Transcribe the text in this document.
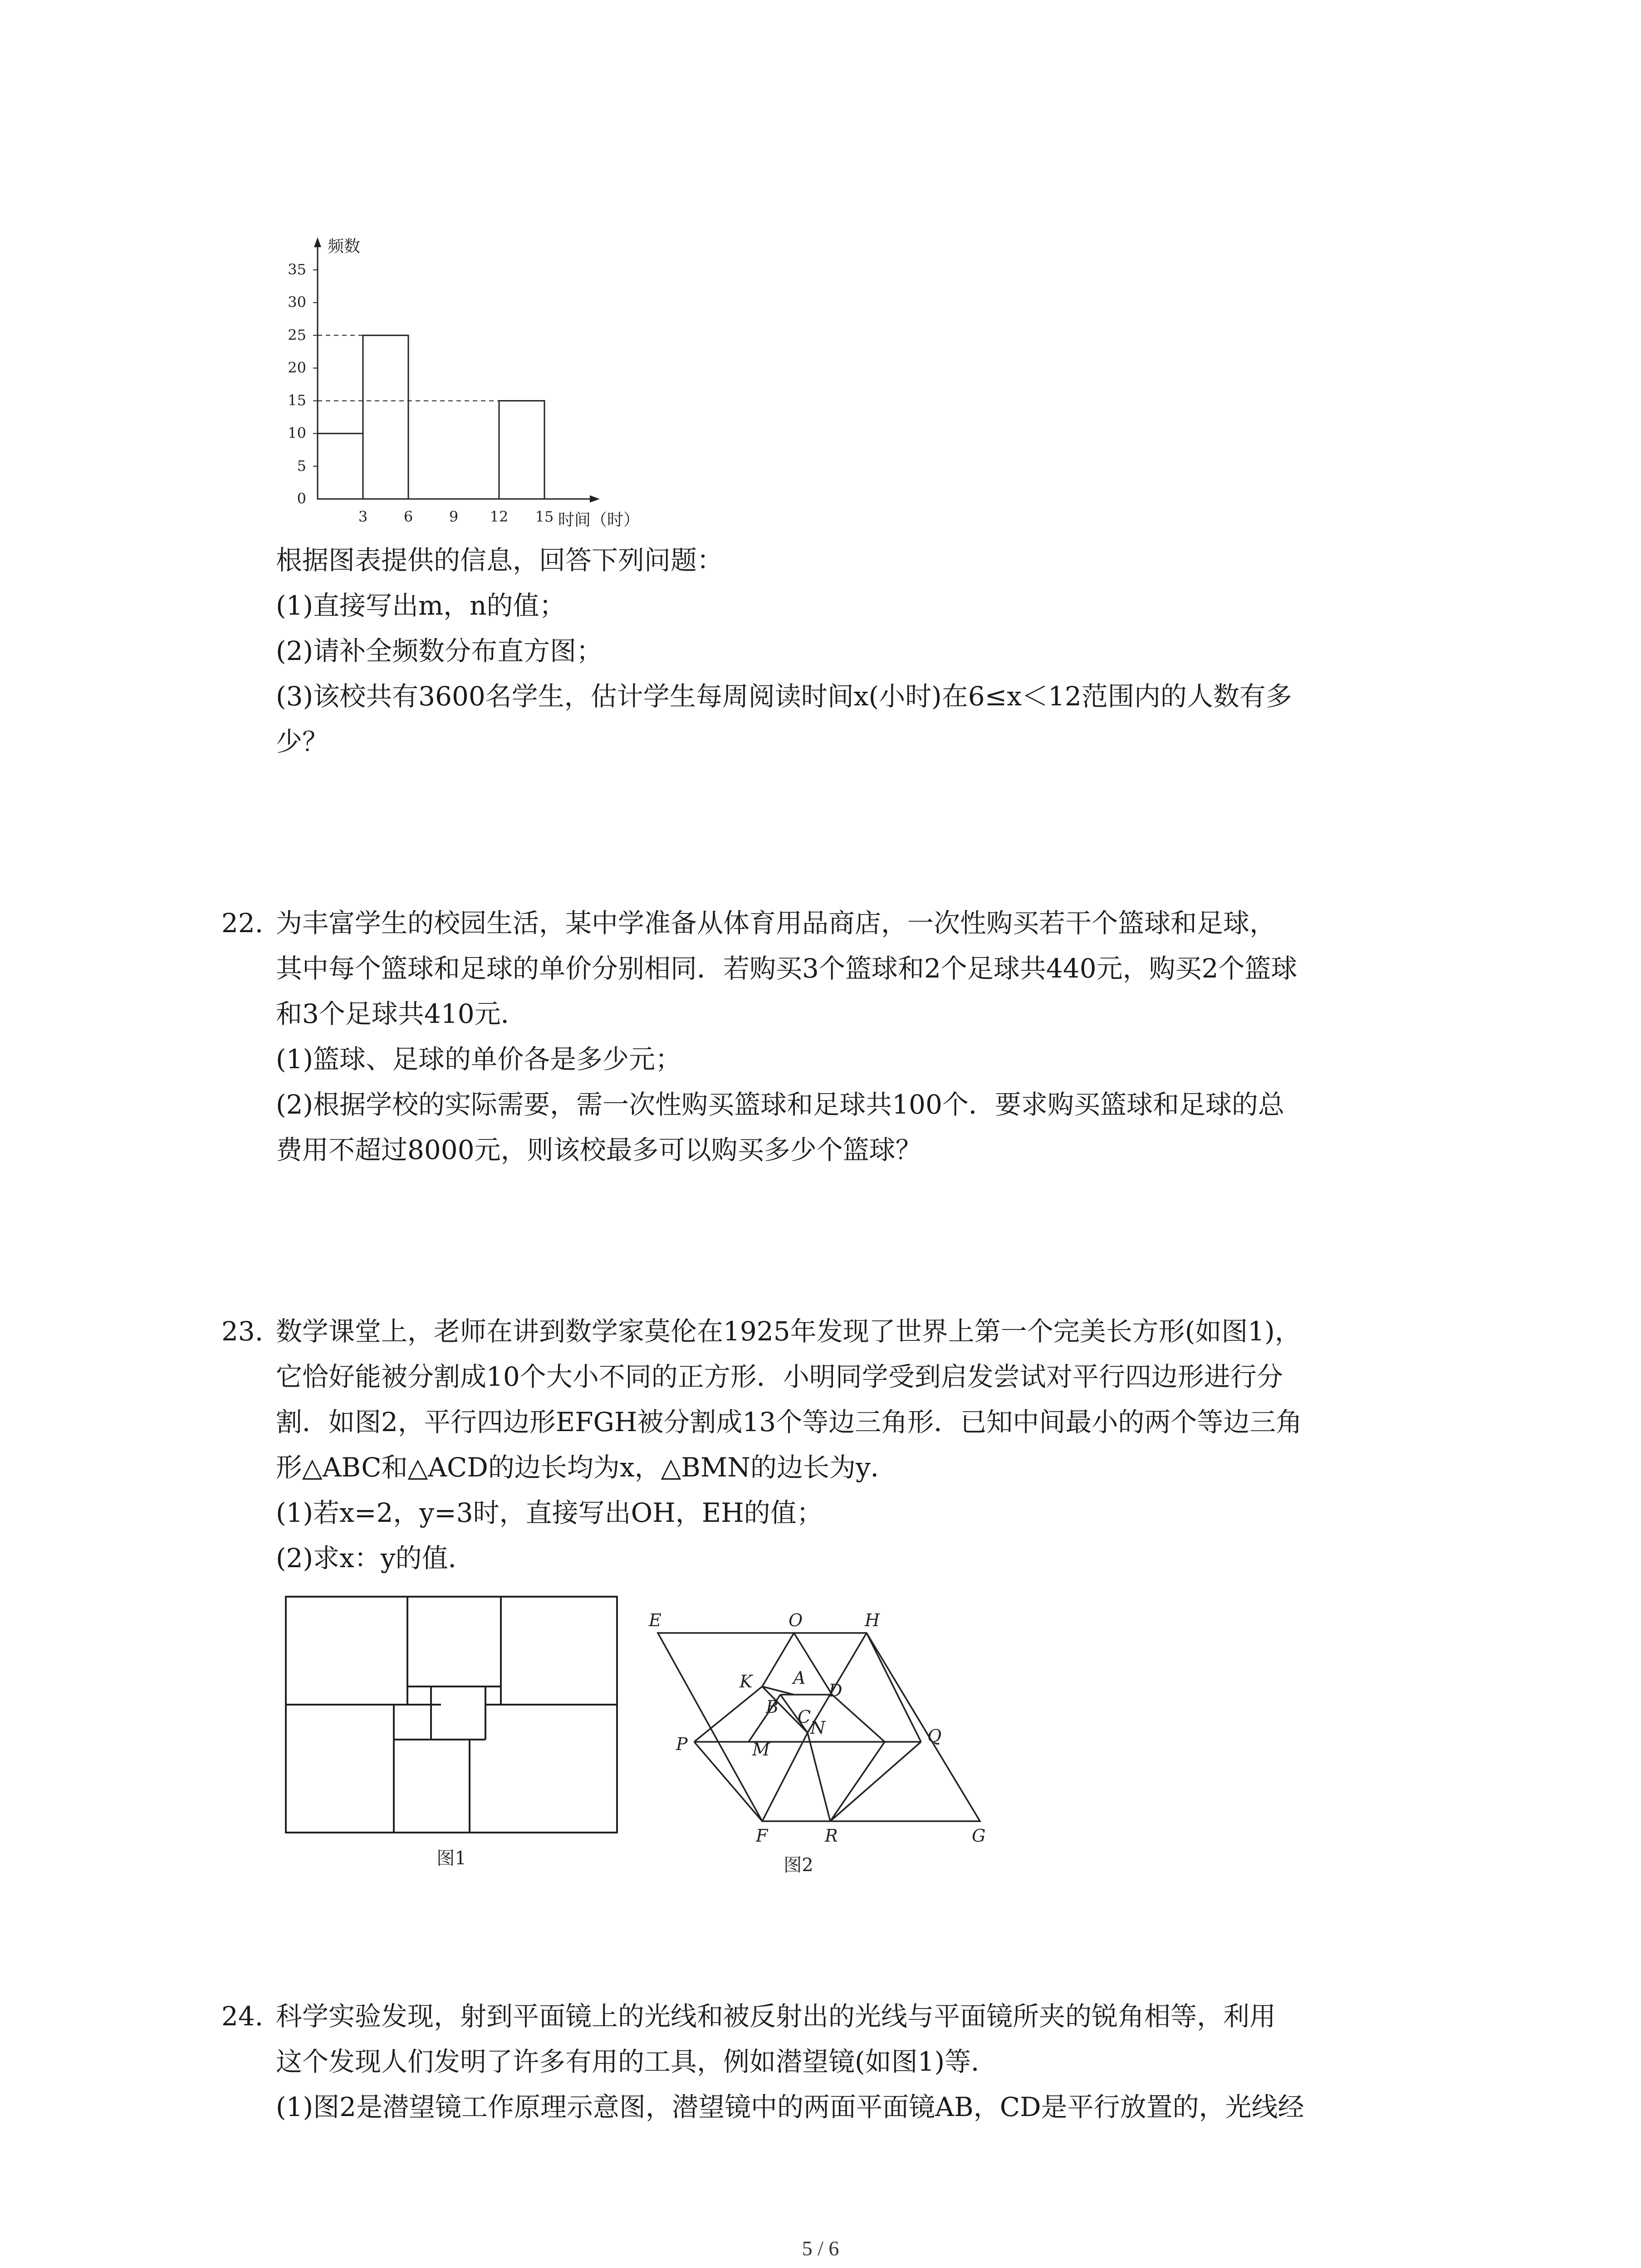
0
5
10
15
20
25
30
35
3 6 9 12 15
频数
时间（时）
根据图表提供的信息，回答下列问题：
(1)直接写出m，n的值；
(2)请补全频数分布直方图；
(3)该校共有3600名学生，估计学生每周阅读时间x(小时)在6≤x＜12范围内的人数有多
少？
22. 为丰富学生的校园生活，某中学准备从体育用品商店，一次性购买若干个篮球和足球，
其中每个篮球和足球的单价分别相同．若购买3个篮球和2个足球共440元，购买2个篮球
和3个足球共410元．
(1)篮球、足球的单价各是多少元；
(2)根据学校的实际需要，需一次性购买篮球和足球共100个．要求购买篮球和足球的总
费用不超过8000元，则该校最多可以购买多少个篮球？
23. 数学课堂上，老师在讲到数学家莫伦在1925年发现了世界上第一个完美长方形(如图1)，
它恰好能被分割成10个大小不同的正方形．小明同学受到启发尝试对平行四边形进行分
割．如图2，平行四边形EFGH被分割成13个等边三角形．已知中间最小的两个等边三角
形△ABC和△ACD的边长均为x，△BMN的边长为y．
(1)若x=2，y=3时，直接写出OH，EH的值；
(2)求x：y的值．
图1
E	O	H
K A
D
B C
N
P	M
Q
F	R	G
图2
24. 科学实验发现，射到平面镜上的光线和被反射出的光线与平面镜所夹的锐角相等，利用
这个发现人们发明了许多有用的工具，例如潜望镜(如图1)等．
(1)图2是潜望镜工作原理示意图，潜望镜中的两面平面镜AB，CD是平行放置的，光线经
5 / 6
